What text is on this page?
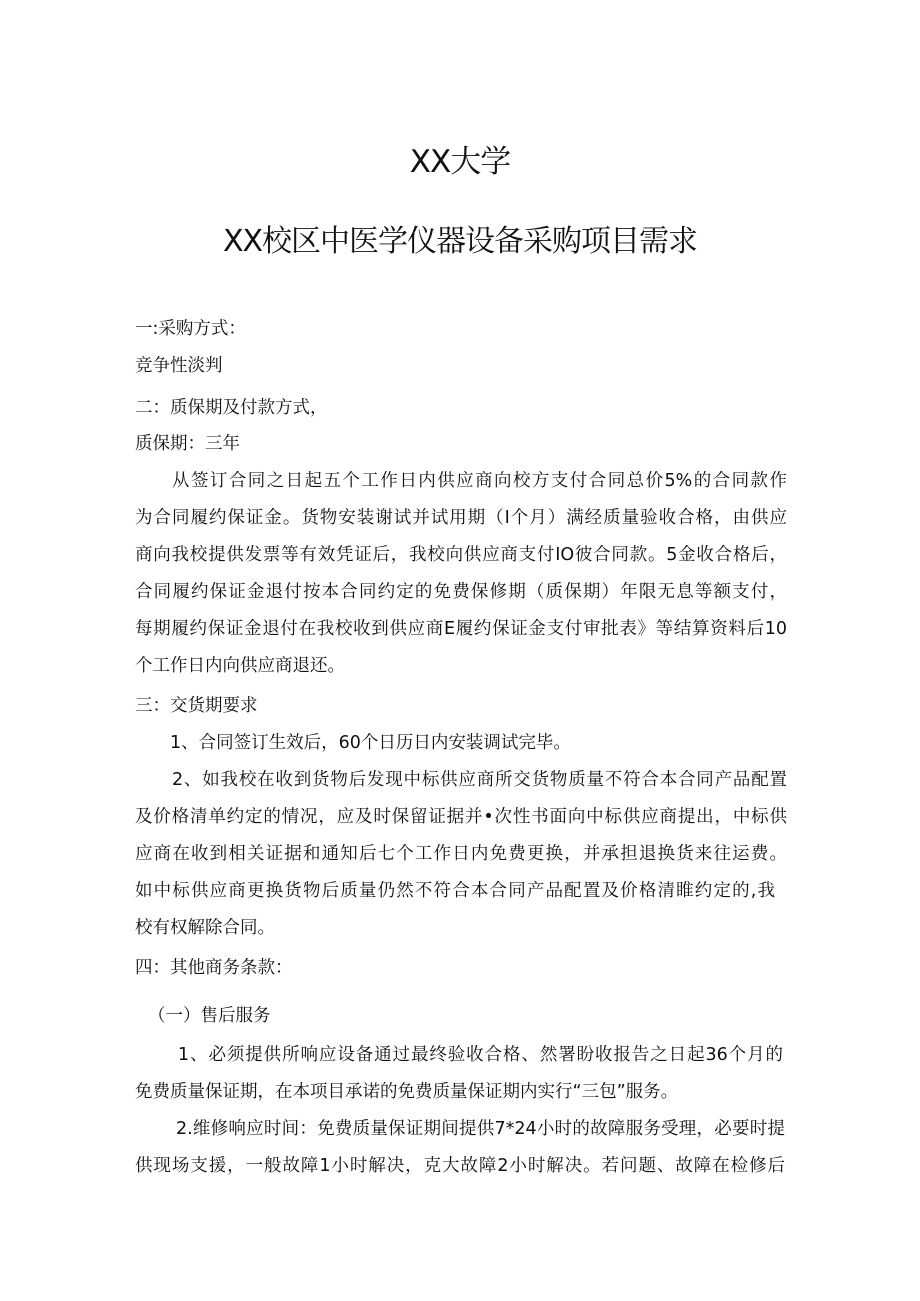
XX大学
XX校区中医学仪器设备采购项目需求
一:采购方式：
竞争性淡判
二：质保期及付款方式，
质保期：三年
从签订合同之日起五个工作日内供应商向校方支付合同总价5%的合同款作
为合同履约保证金。货物安装谢试并试用期（I个月）满经质量验收合格，由供应
商向我校提供发票等有效凭证后，我校向供应商支付IO彼合同款。5金收合格后，
合同履约保证金退付按本合同约定的免费保修期（质保期）年限无息等额支付，
每期履约保证金退付在我校收到供应商E履约保证金支付审批表》等结算资料后10
个工作日内向供应商退还。
三：交货期要求
1、合同签订生效后，60个日历日内安装调试完毕。
2、如我校在收到货物后发现中标供应商所交货物质量不符合本合同产品配置
及价格清单约定的情况，应及时保留证据并•次性书面向中标供应商提出，中标供
应商在收到相关证据和通知后七个工作日内免费更换，并承担退换货来往运费。
如中标供应商更换货物后质量仍然不符合本合同产品配置及价格清睢约定的,我
校有权解除合同。
四：其他商务条款：
（一）售后服务
1、必须提供所响应设备通过最终验收合格、然署盼收报告之日起36个月的
免费质量保证期，在本项目承诺的免费质量保证期内实行“三包”服务。
2.维修响应时间：免费质量保证期间提供7*24小时的故障服务受理，必要时提
供现场支援，一般故障1小时解决，克大故障2小时解决。若问题、故障在检修后
